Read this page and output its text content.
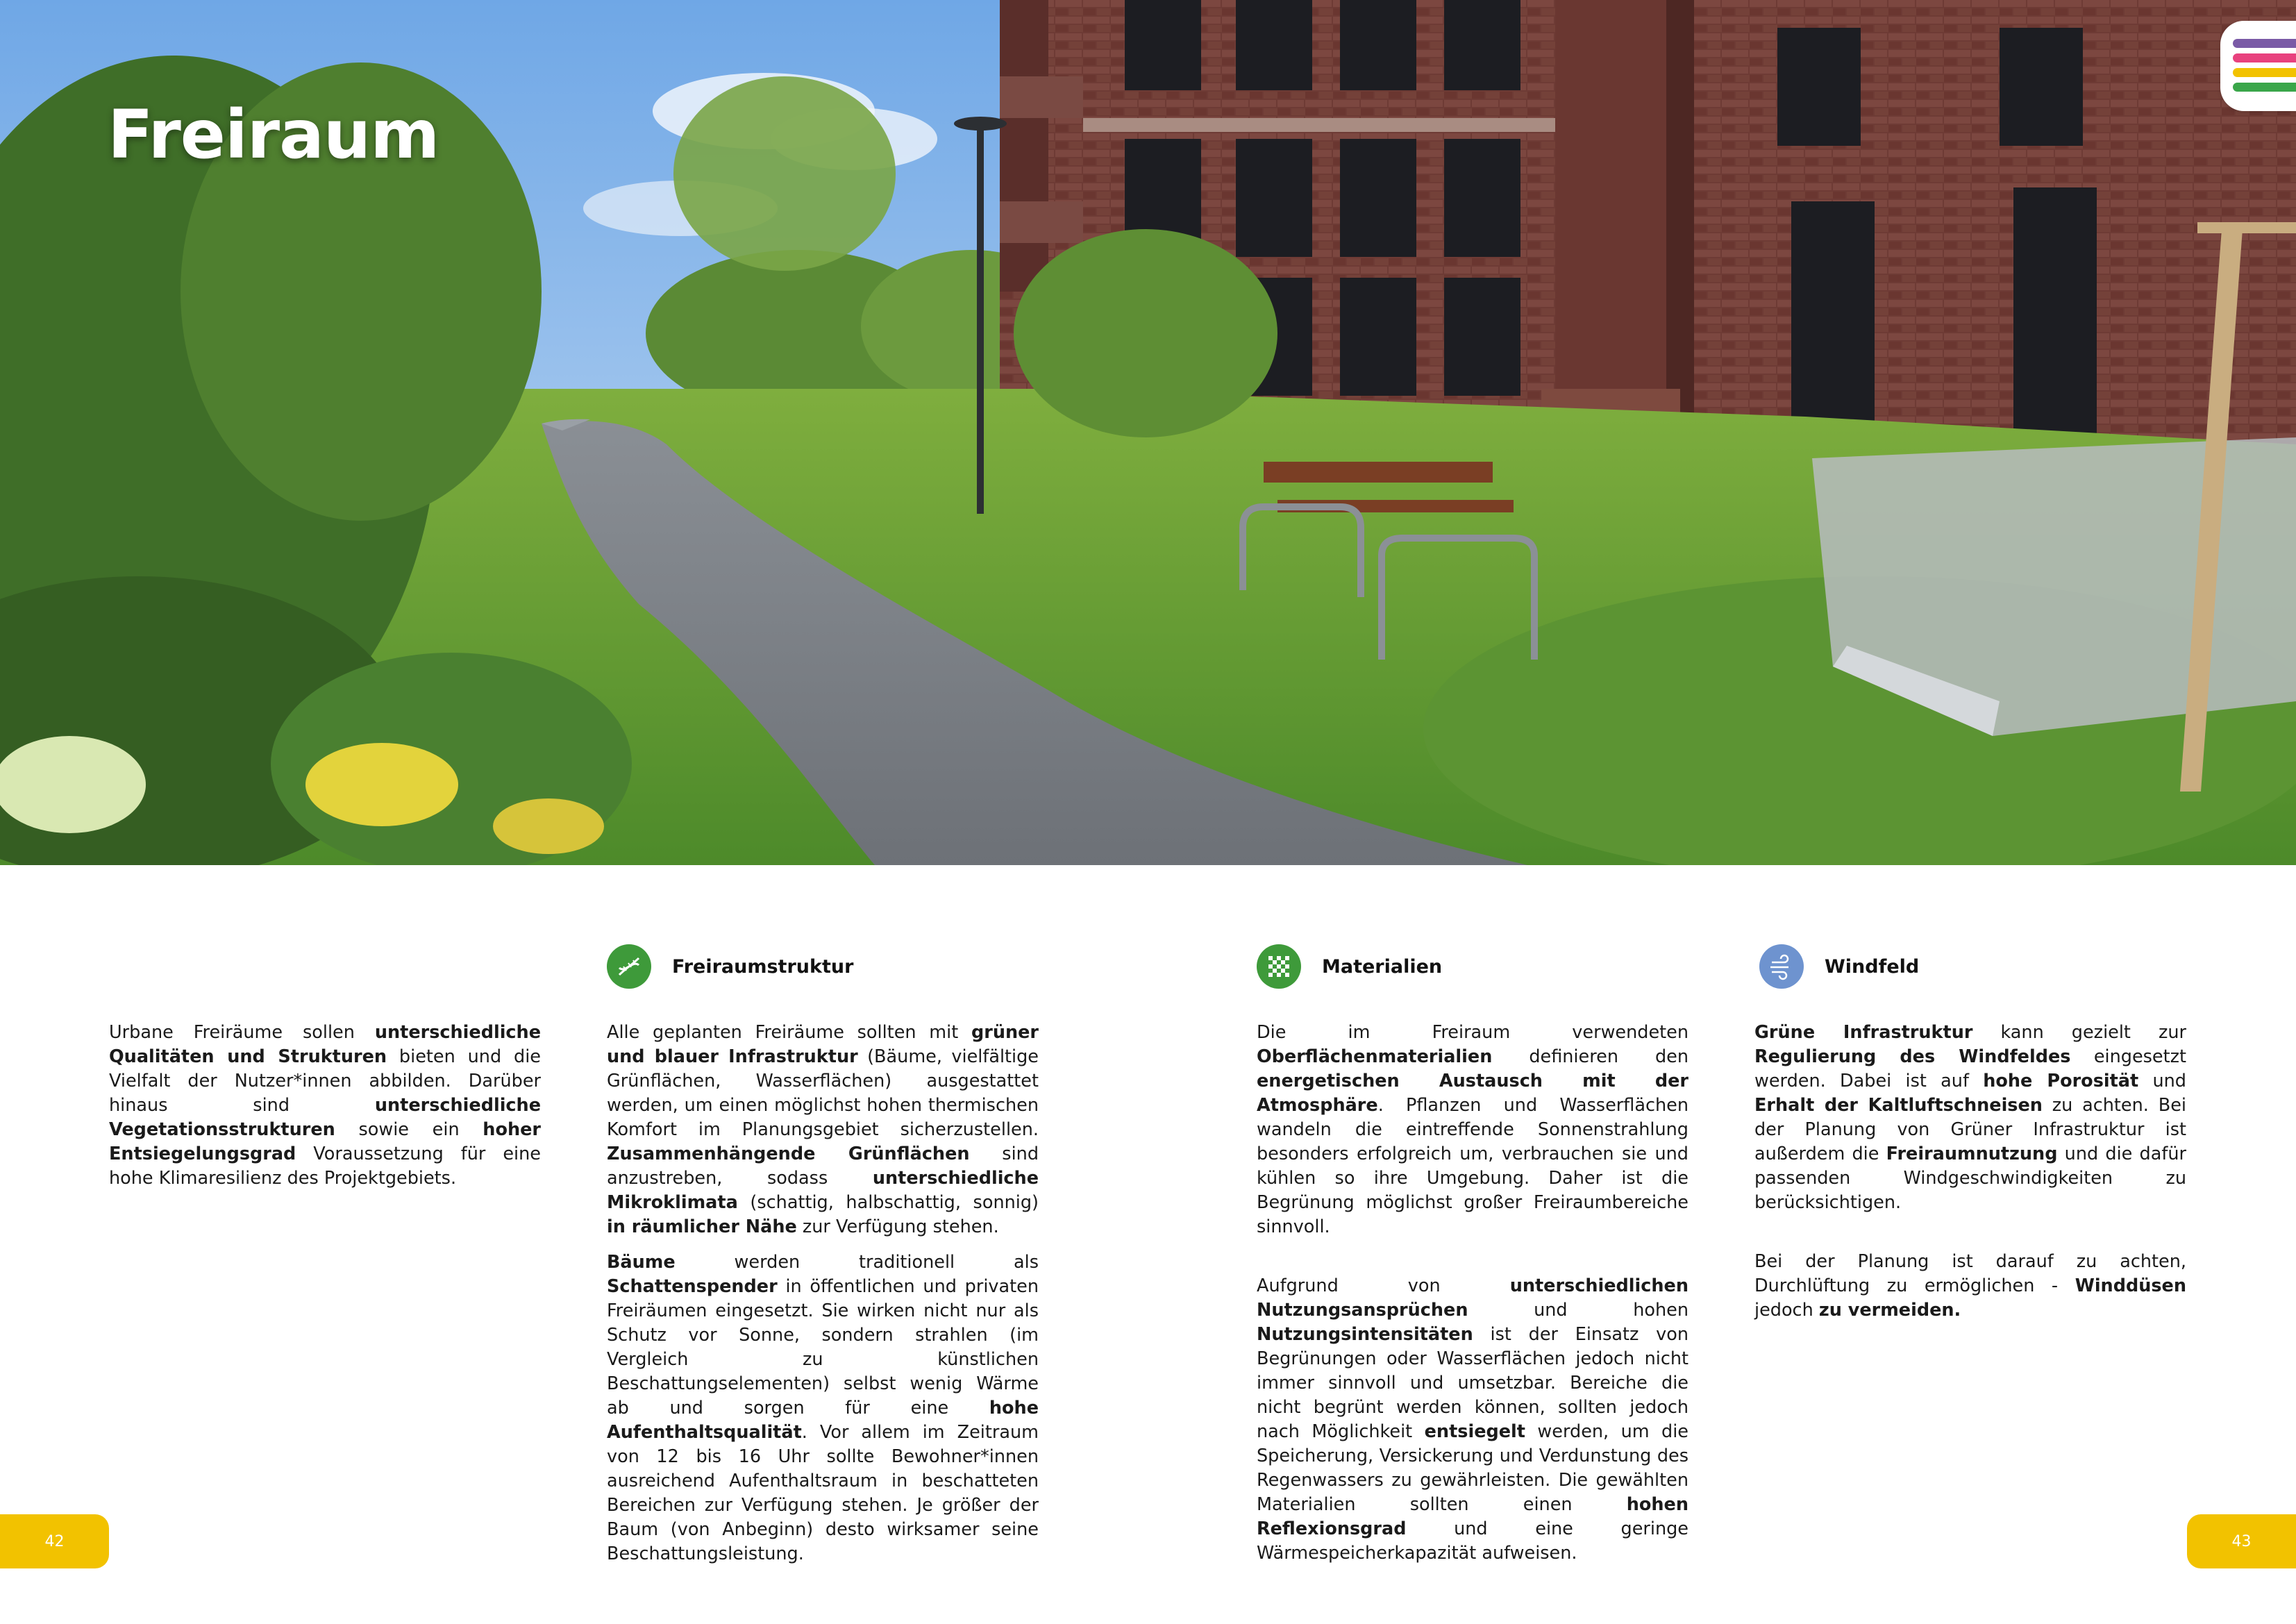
Freiraum
Freiraumstruktur	Materialien	Windfeld

Urbane Freiräume sollen unterschiedliche Qualitäten und Strukturen bieten und die Vielfalt der Nutzer*innen abbilden. Darüber hinaus sind unterschiedliche Vegetationsstrukturen sowie ein hoher Entsiegelungsgrad Voraussetzung für eine hohe Klimaresilienz des Projektgebiets.

Alle geplanten Freiräume sollten mit grüner und blauer Infrastruktur (Bäume, vielfältige Grünflächen, Wasserflächen) ausgestattet werden, um einen möglichst hohen thermischen Komfort im Planungsgebiet sicherzustellen. Zusammenhängende Grünflächen sind anzustreben, sodass unterschiedliche Mikroklimata (schattig, halbschattig, sonnig) in räumlicher Nähe zur Verfügung stehen.

Bäume werden traditionell als Schattenspender in öffentlichen und privaten Freiräumen eingesetzt. Sie wirken nicht nur als Schutz vor Sonne, sondern strahlen (im Vergleich zu künstlichen Beschattungselementen) selbst wenig Wärme ab und sorgen für eine hohe Aufenthaltsqualität. Vor allem im Zeitraum von 12 bis 16 Uhr sollte Bewohner*innen ausreichend Aufenthaltsraum in beschatteten Bereichen zur Verfügung stehen. Je größer der Baum (von Anbeginn) desto wirksamer seine Beschattungsleistung.

Die im Freiraum verwendeten Oberflächenmaterialien definieren den energetischen Austausch mit der Atmosphäre. Pflanzen und Wasserflächen wandeln die eintreffende Sonnenstrahlung besonders erfolgreich um, verbrauchen sie und kühlen so ihre Umgebung. Daher ist die Begrünung möglichst großer Freiraumbereiche sinnvoll.

Aufgrund von unterschiedlichen Nutzungsansprüchen und hohen Nutzungsintensitäten ist der Einsatz von Begrünungen oder Wasserflächen jedoch nicht immer sinnvoll und umsetzbar. Bereiche die nicht begrünt werden können, sollten jedoch nach Möglichkeit entsiegelt werden, um die Speicherung, Versickerung und Verdunstung des Regenwassers zu gewährleisten. Die gewählten Materialien sollten einen hohen Reflexionsgrad und eine geringe Wärmespeicherkapazität aufweisen.

Grüne Infrastruktur kann gezielt zur Regulierung des Windfeldes eingesetzt werden. Dabei ist auf hohe Porosität und Erhalt der Kaltluftschneisen zu achten. Bei der Planung von Grüner Infrastruktur ist außerdem die Freiraumnutzung und die dafür passenden Windgeschwindigkeiten zu berücksichtigen.

Bei der Planung ist darauf zu achten, Durchlüftung zu ermöglichen - Winddüsen jedoch zu vermeiden.

42	43
